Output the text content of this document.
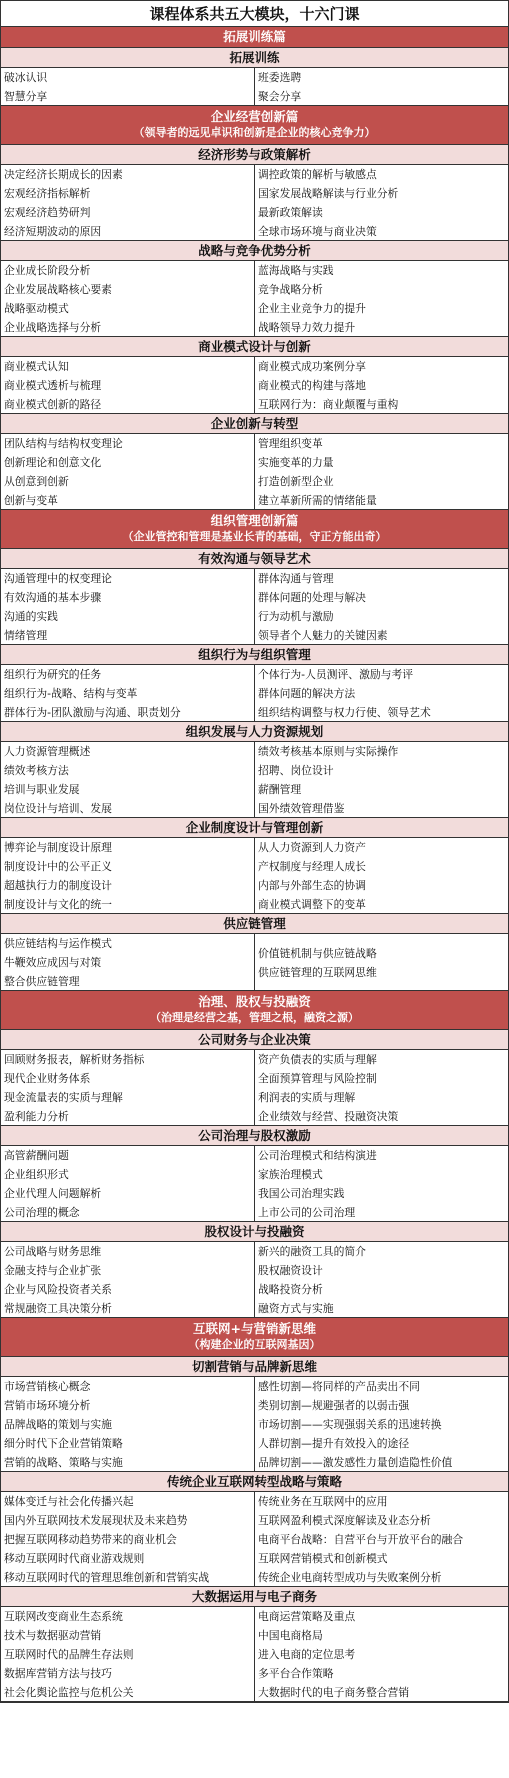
课程体系共五大模块，十六门课
拓展训练篇
拓展训练
破冰认识
智慧分享
班委选聘
聚会分享
企业经营创新篇
（领导者的远见卓识和创新是企业的核心竞争力）
经济形势与政策解析
决定经济长期成长的因素
宏观经济指标解析
宏观经济趋势研判
经济短期波动的原因
调控政策的解析与敏感点
国家发展战略解读与行业分析
最新政策解读
全球市场环境与商业决策
战略与竞争优势分析
企业成长阶段分析
企业发展战略核心要素
战略驱动模式
企业战略选择与分析
蓝海战略与实践
竞争战略分析
企业主业竞争力的提升
战略领导力效力提升
商业模式设计与创新
商业模式认知
商业模式透析与梳理
商业模式创新的路径
商业模式成功案例分享
商业模式的构建与落地
互联网行为：商业颠覆与重构
企业创新与转型
团队结构与结构权变理论
创新理论和创意文化
从创意到创新
创新与变革
管理组织变革
实施变革的力量
打造创新型企业
建立革新所需的情绪能量
组织管理创新篇
（企业管控和管理是基业长青的基础，守正方能出奇）
有效沟通与领导艺术
沟通管理中的权变理论
有效沟通的基本步骤
沟通的实践
情绪管理
群体沟通与管理
群体问题的处理与解决
行为动机与激励
领导者个人魅力的关键因素
组织行为与组织管理
组织行为研究的任务
组织行为-战略、结构与变革
群体行为-团队激励与沟通、职责划分
个体行为-人员测评、激励与考评
群体问题的解决方法
组织结构调整与权力行使、领导艺术
组织发展与人力资源规划
人力资源管理概述
绩效考核方法
培训与职业发展
岗位设计与培训、发展
绩效考核基本原则与实际操作
招聘、岗位设计
薪酬管理
国外绩效管理借鉴
企业制度设计与管理创新
博弈论与制度设计原理
制度设计中的公平正义
超越执行力的制度设计
制度设计与文化的统一
从人力资源到人力资产
产权制度与经理人成长
内部与外部生态的协调
商业模式调整下的变革
供应链管理
供应链结构与运作模式
牛鞭效应成因与对策
整合供应链管理
价值链机制与供应链战略
供应链管理的互联网思维
治理、股权与投融资
（治理是经营之基，管理之根，融资之源）
公司财务与企业决策
回顾财务报表，解析财务指标
现代企业财务体系
现金流量表的实质与理解
盈利能力分析
资产负债表的实质与理解
全面预算管理与风险控制
利润表的实质与理解
企业绩效与经营、投融资决策
公司治理与股权激励
高管薪酬问题
企业组织形式
企业代理人问题解析
公司治理的概念
公司治理模式和结构演进
家族治理模式
我国公司治理实践
上市公司的公司治理
股权设计与投融资
公司战略与财务思维
金融支持与企业扩张
企业与风险投资者关系
常规融资工具决策分析
新兴的融资工具的简介
股权融资设计
战略投资分析
融资方式与实施
互联网+与营销新思维
（构建企业的互联网基因）
切割营销与品牌新思维
市场营销核心概念
营销市场环境分析
品牌战略的策划与实施
细分时代下企业营销策略
营销的战略、策略与实施
感性切割—将同样的产品卖出不同
类别切割—规避强者的以弱击强
市场切割——实现强弱关系的迅速转换
人群切割—提升有效投入的途径
品牌切割——激发感性力量创造隐性价值
传统企业互联网转型战略与策略
媒体变迁与社会化传播兴起
国内外互联网技术发展现状及未来趋势
把握互联网移动趋势带来的商业机会
移动互联网时代商业游戏规则
移动互联网时代的管理思维创新和营销实战
传统业务在互联网中的应用
互联网盈利模式深度解读及业态分析
电商平台战略：自营平台与开放平台的融合
互联网营销模式和创新模式
传统企业电商转型成功与失败案例分析
大数据运用与电子商务
互联网改变商业生态系统
技术与数据驱动营销
互联网时代的品牌生存法则
数据库营销方法与技巧
社会化舆论监控与危机公关
电商运营策略及重点
中国电商格局
进入电商的定位思考
多平台合作策略
大数据时代的电子商务整合营销
